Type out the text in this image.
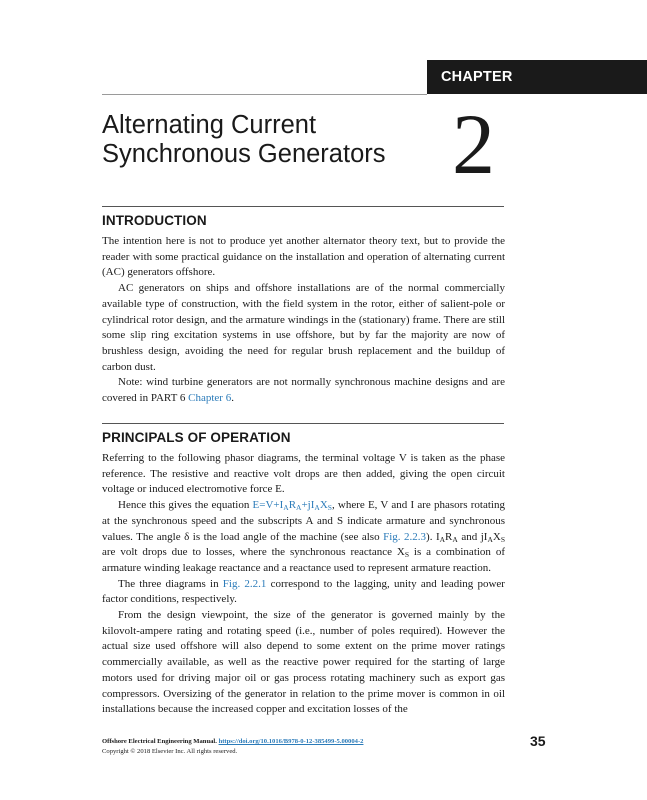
CHAPTER
Alternating Current
Synchronous Generators 2
INTRODUCTION

The intention here is not to produce yet another alternator theory text, but to provide the reader with some practical guidance on the installation and operation of alternating current (AC) generators offshore.

AC generators on ships and offshore installations are of the normal commercially available type of construction, with the field system in the rotor, either of salient-pole or cylindrical rotor design, and the armature windings in the (stationary) frame. There are still some slip ring excitation systems in use offshore, but by far the majority are now of brushless design, avoiding the need for regular brush replacement and the buildup of carbon dust.

Note: wind turbine generators are not normally synchronous machine designs and are covered in PART 6 Chapter 6.

PRINCIPALS OF OPERATION

Referring to the following phasor diagrams, the terminal voltage V is taken as the phase reference. The resistive and reactive volt drops are then added, giving the open circuit voltage or induced electromotive force E.

Hence this gives the equation $E=V+I_AR_A+jI_AX_S$, where E, V and I are phasors rotating at the synchronous speed and the subscripts A and S indicate armature and synchronous values. The angle δ is the load angle of the machine (see also Fig. 2.2.3). $I_AR_A$ and $jI_AX_S$ are volt drops due to losses, where the synchronous reactance $X_S$ is a combination of armature winding leakage reactance and a reactance used to represent armature reaction.

The three diagrams in Fig. 2.2.1 correspond to the lagging, unity and leading power factor conditions, respectively.

From the design viewpoint, the size of the generator is governed mainly by the kilovolt-ampere rating and rotating speed (i.e., number of poles required). However the actual size used offshore will also depend to some extent on the prime mover ratings commercially available, as well as the reactive power required for the starting of large motors used for driving major oil or gas process rotating machinery such as export gas compressors. Oversizing of the generator in relation to the prime mover is common in oil installations because the increased copper and excitation losses of the

Offshore Electrical Engineering Manual. https://doi.org/10.1016/B978-0-12-385499-5.00004-2
Copyright © 2018 Elsevier Inc. All rights reserved.
35
